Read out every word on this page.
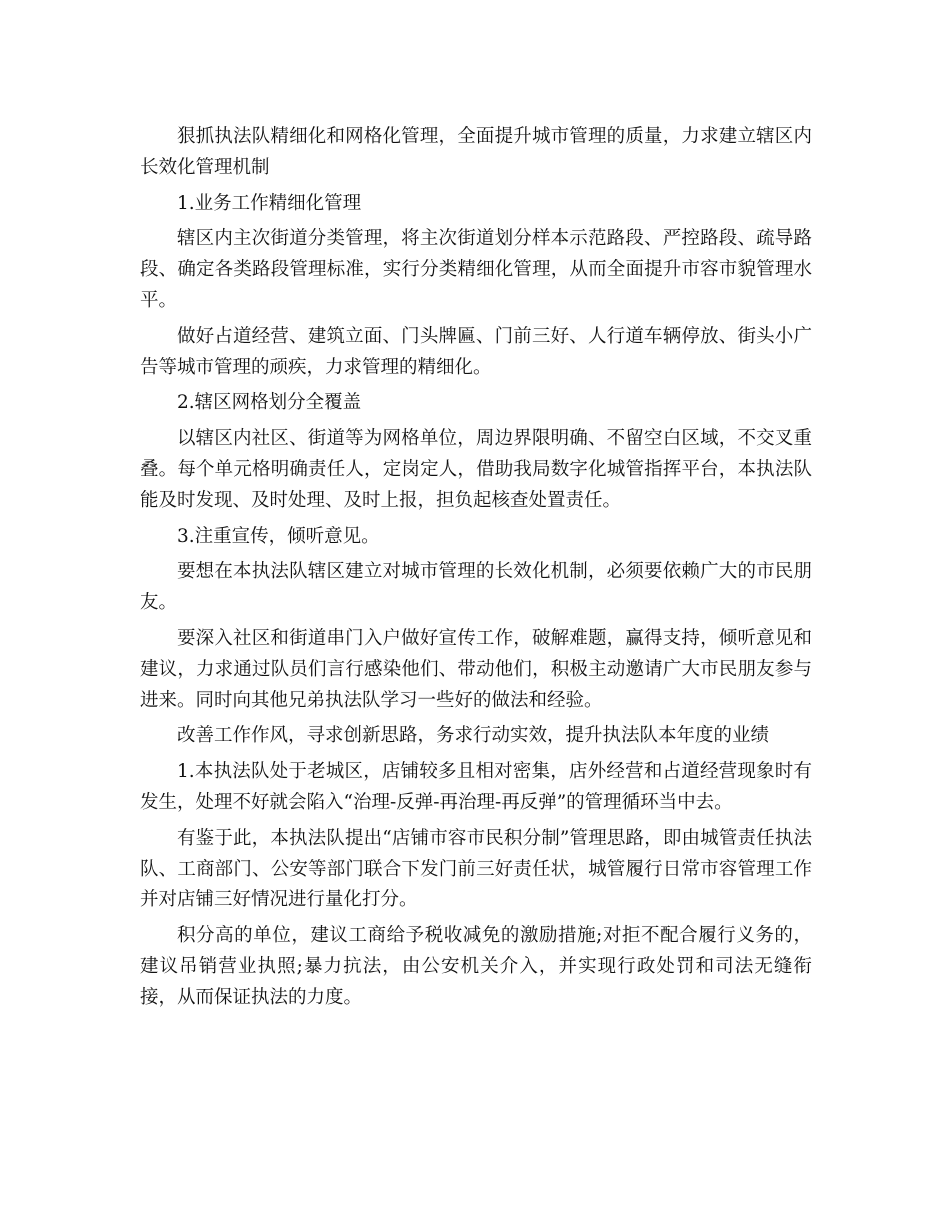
狠抓执法队精细化和网格化管理，全面提升城市管理的质量，力求建立辖区内长效化管理机制

1.业务工作精细化管理

辖区内主次街道分类管理，将主次街道划分样本示范路段、严控路段、疏导路段、确定各类路段管理标准，实行分类精细化管理，从而全面提升市容市貌管理水平。

做好占道经营、建筑立面、门头牌匾、门前三好、人行道车辆停放、街头小广告等城市管理的顽疾，力求管理的精细化。

2.辖区网格划分全覆盖

以辖区内社区、街道等为网格单位，周边界限明确、不留空白区域，不交叉重叠。每个单元格明确责任人，定岗定人，借助我局数字化城管指挥平台，本执法队能及时发现、及时处理、及时上报，担负起核查处置责任。

3.注重宣传，倾听意见。

要想在本执法队辖区建立对城市管理的长效化机制，必须要依赖广大的市民朋友。

要深入社区和街道串门入户做好宣传工作，破解难题，赢得支持，倾听意见和建议，力求通过队员们言行感染他们、带动他们，积极主动邀请广大市民朋友参与进来。同时向其他兄弟执法队学习一些好的做法和经验。

改善工作作风，寻求创新思路，务求行动实效，提升执法队本年度的业绩

1.本执法队处于老城区，店铺较多且相对密集，店外经营和占道经营现象时有发生，处理不好就会陷入“治理-反弹-再治理-再反弹”的管理循环当中去。

有鉴于此，本执法队提出“店铺市容市民积分制”管理思路，即由城管责任执法队、工商部门、公安等部门联合下发门前三好责任状，城管履行日常市容管理工作并对店铺三好情况进行量化打分。

积分高的单位，建议工商给予税收减免的激励措施;对拒不配合履行义务的，建议吊销营业执照;暴力抗法，由公安机关介入，并实现行政处罚和司法无缝衔接，从而保证执法的力度。
